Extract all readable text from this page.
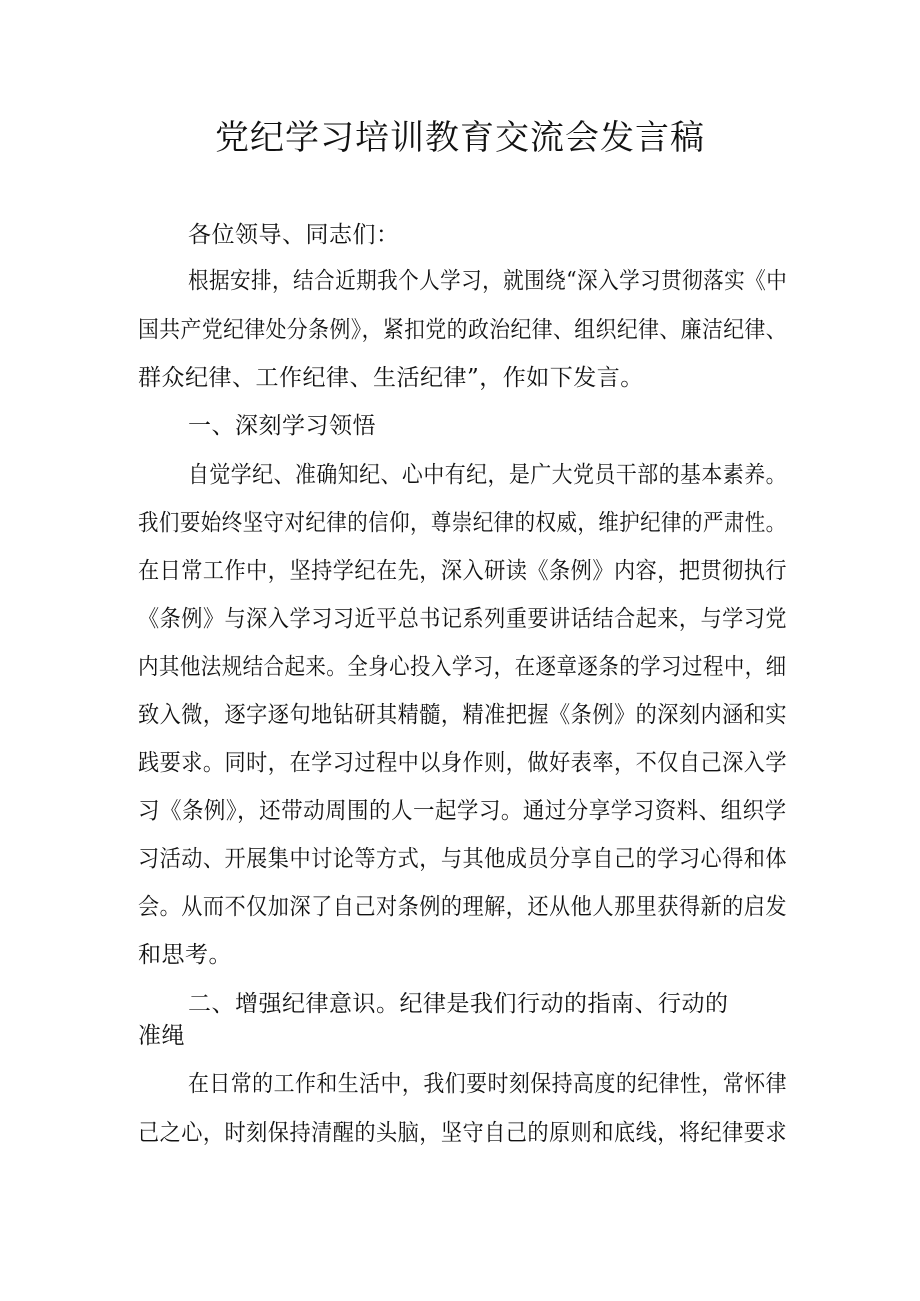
党纪学习培训教育交流会发言稿
各位领导、同志们：
根据安排，结合近期我个人学习，就围绕“深入学习贯彻落实《中
国共产党纪律处分条例》，紧扣党的政治纪律、组织纪律、廉洁纪律、
群众纪律、工作纪律、生活纪律”，作如下发言。
一、深刻学习领悟
自觉学纪、准确知纪、心中有纪，是广大党员干部的基本素养。
我们要始终坚守对纪律的信仰，尊崇纪律的权威，维护纪律的严肃性。
在日常工作中，坚持学纪在先，深入研读《条例》内容，把贯彻执行
《条例》与深入学习习近平总书记系列重要讲话结合起来，与学习党
内其他法规结合起来。全身心投入学习，在逐章逐条的学习过程中，细
致入微，逐字逐句地钻研其精髓，精准把握《条例》的深刻内涵和实
践要求。同时，在学习过程中以身作则，做好表率，不仅自己深入学
习《条例》，还带动周围的人一起学习。通过分享学习资料、组织学
习活动、开展集中讨论等方式，与其他成员分享自己的学习心得和体
会。从而不仅加深了自己对条例的理解，还从他人那里获得新的启发
和思考。
二、增强纪律意识。纪律是我们行动的指南、行动的
准绳
在日常的工作和生活中，我们要时刻保持高度的纪律性，常怀律
己之心，时刻保持清醒的头脑，坚守自己的原则和底线，将纪律要求
